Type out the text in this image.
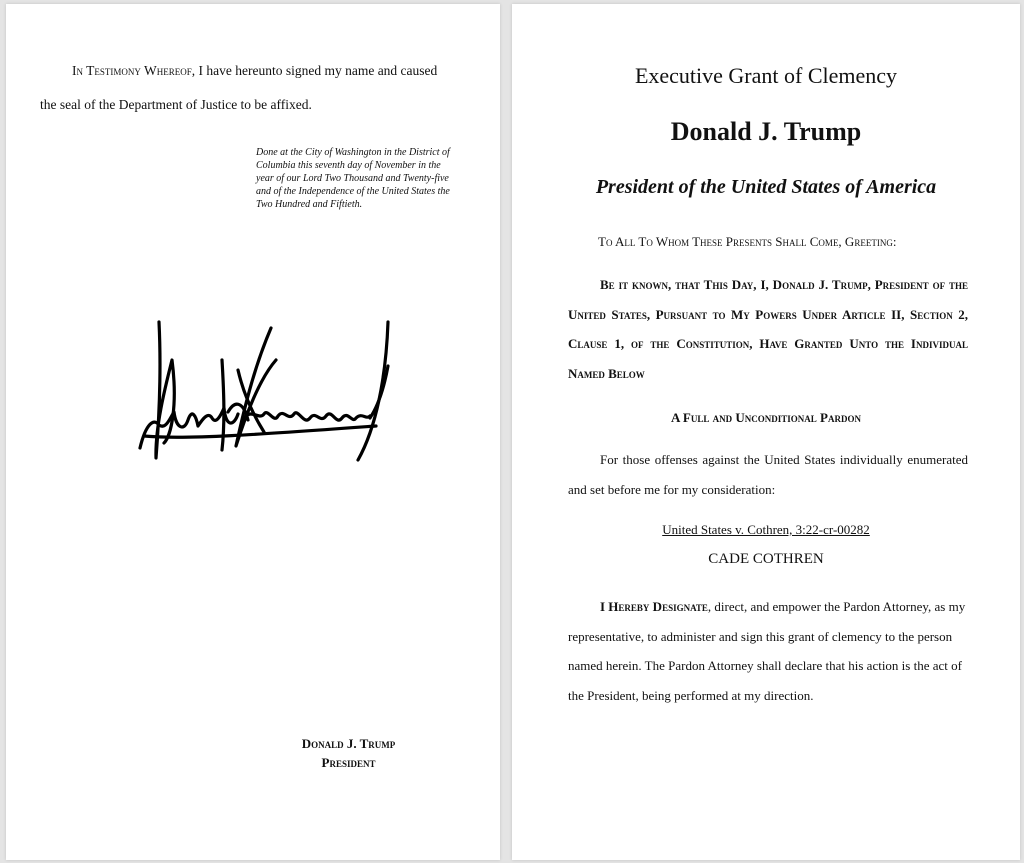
In Testimony Whereof, I have hereunto signed my name and caused the seal of the Department of Justice to be affixed.

Done at the City of Washington in the District of Columbia this seventh day of November in the year of our Lord Two Thousand and Twenty-five and of the Independence of the United States the Two Hundred and Fiftieth.

Donald J. Trump
President
Executive Grant of Clemency
Donald J. Trump
President of the United States of America
To All To Whom These Presents Shall Come, Greeting:

Be it known, that This Day, I, Donald J. Trump, President of the United States, Pursuant to My Powers Under Article II, Section 2, Clause 1, of the Constitution, Have Granted Unto the Individual Named Below

A Full and Unconditional Pardon

For those offenses against the United States individually enumerated and set before me for my consideration:

United States v. Cothren, 3:22-cr-00282
CADE COTHREN

I Hereby Designate, direct, and empower the Pardon Attorney, as my representative, to administer and sign this grant of clemency to the person named herein. The Pardon Attorney shall declare that his action is the act of the President, being performed at my direction.
